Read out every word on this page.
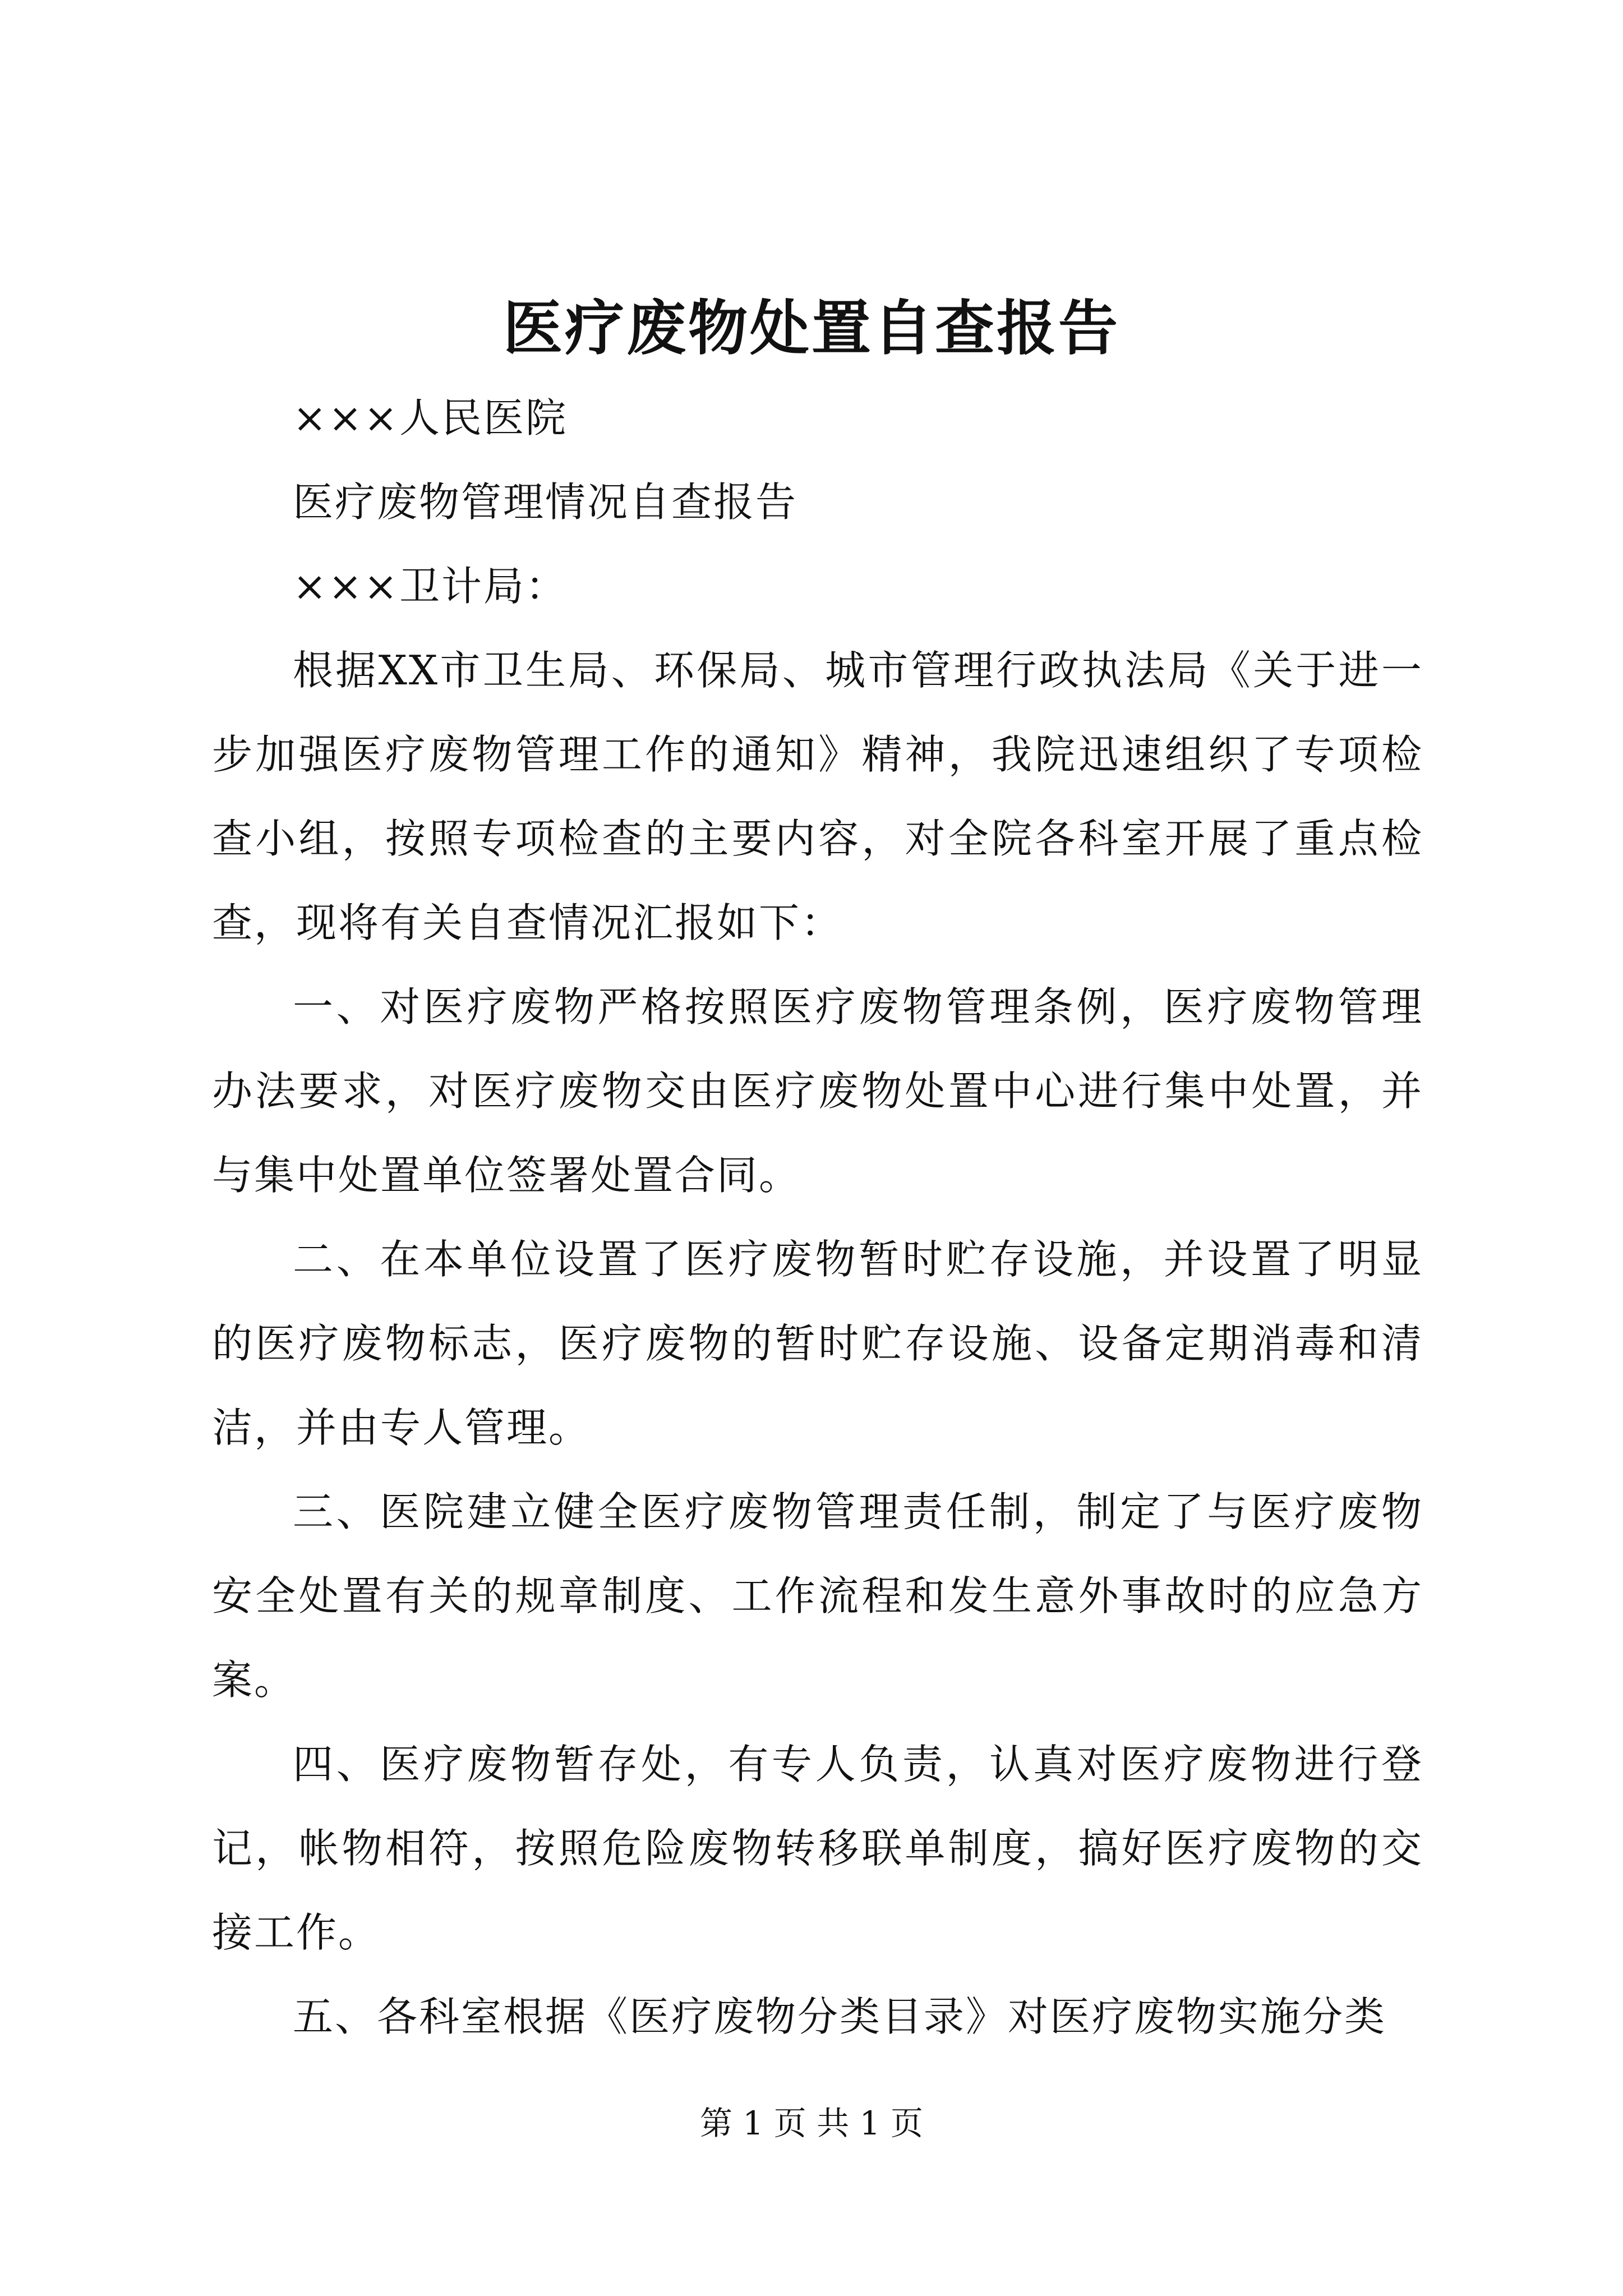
医疗废物处置自查报告

×××人民医院

医疗废物管理情况自查报告

×××卫计局：

根据XX市卫生局、环保局、城市管理行政执法局《关于进一步加强医疗废物管理工作的通知》精神，我院迅速组织了专项检查小组，按照专项检查的主要内容，对全院各科室开展了重点检查，现将有关自查情况汇报如下：

一、对医疗废物严格按照医疗废物管理条例，医疗废物管理办法要求，对医疗废物交由医疗废物处置中心进行集中处置，并与集中处置单位签署处置合同。

二、在本单位设置了医疗废物暂时贮存设施，并设置了明显的医疗废物标志，医疗废物的暂时贮存设施、设备定期消毒和清洁，并由专人管理。

三、医院建立健全医疗废物管理责任制，制定了与医疗废物安全处置有关的规章制度、工作流程和发生意外事故时的应急方案。

四、医疗废物暂存处，有专人负责，认真对医疗废物进行登记，帐物相符，按照危险废物转移联单制度，搞好医疗废物的交接工作。

五、各科室根据《医疗废物分类目录》对医疗废物实施分类

第 1 页 共 1 页
